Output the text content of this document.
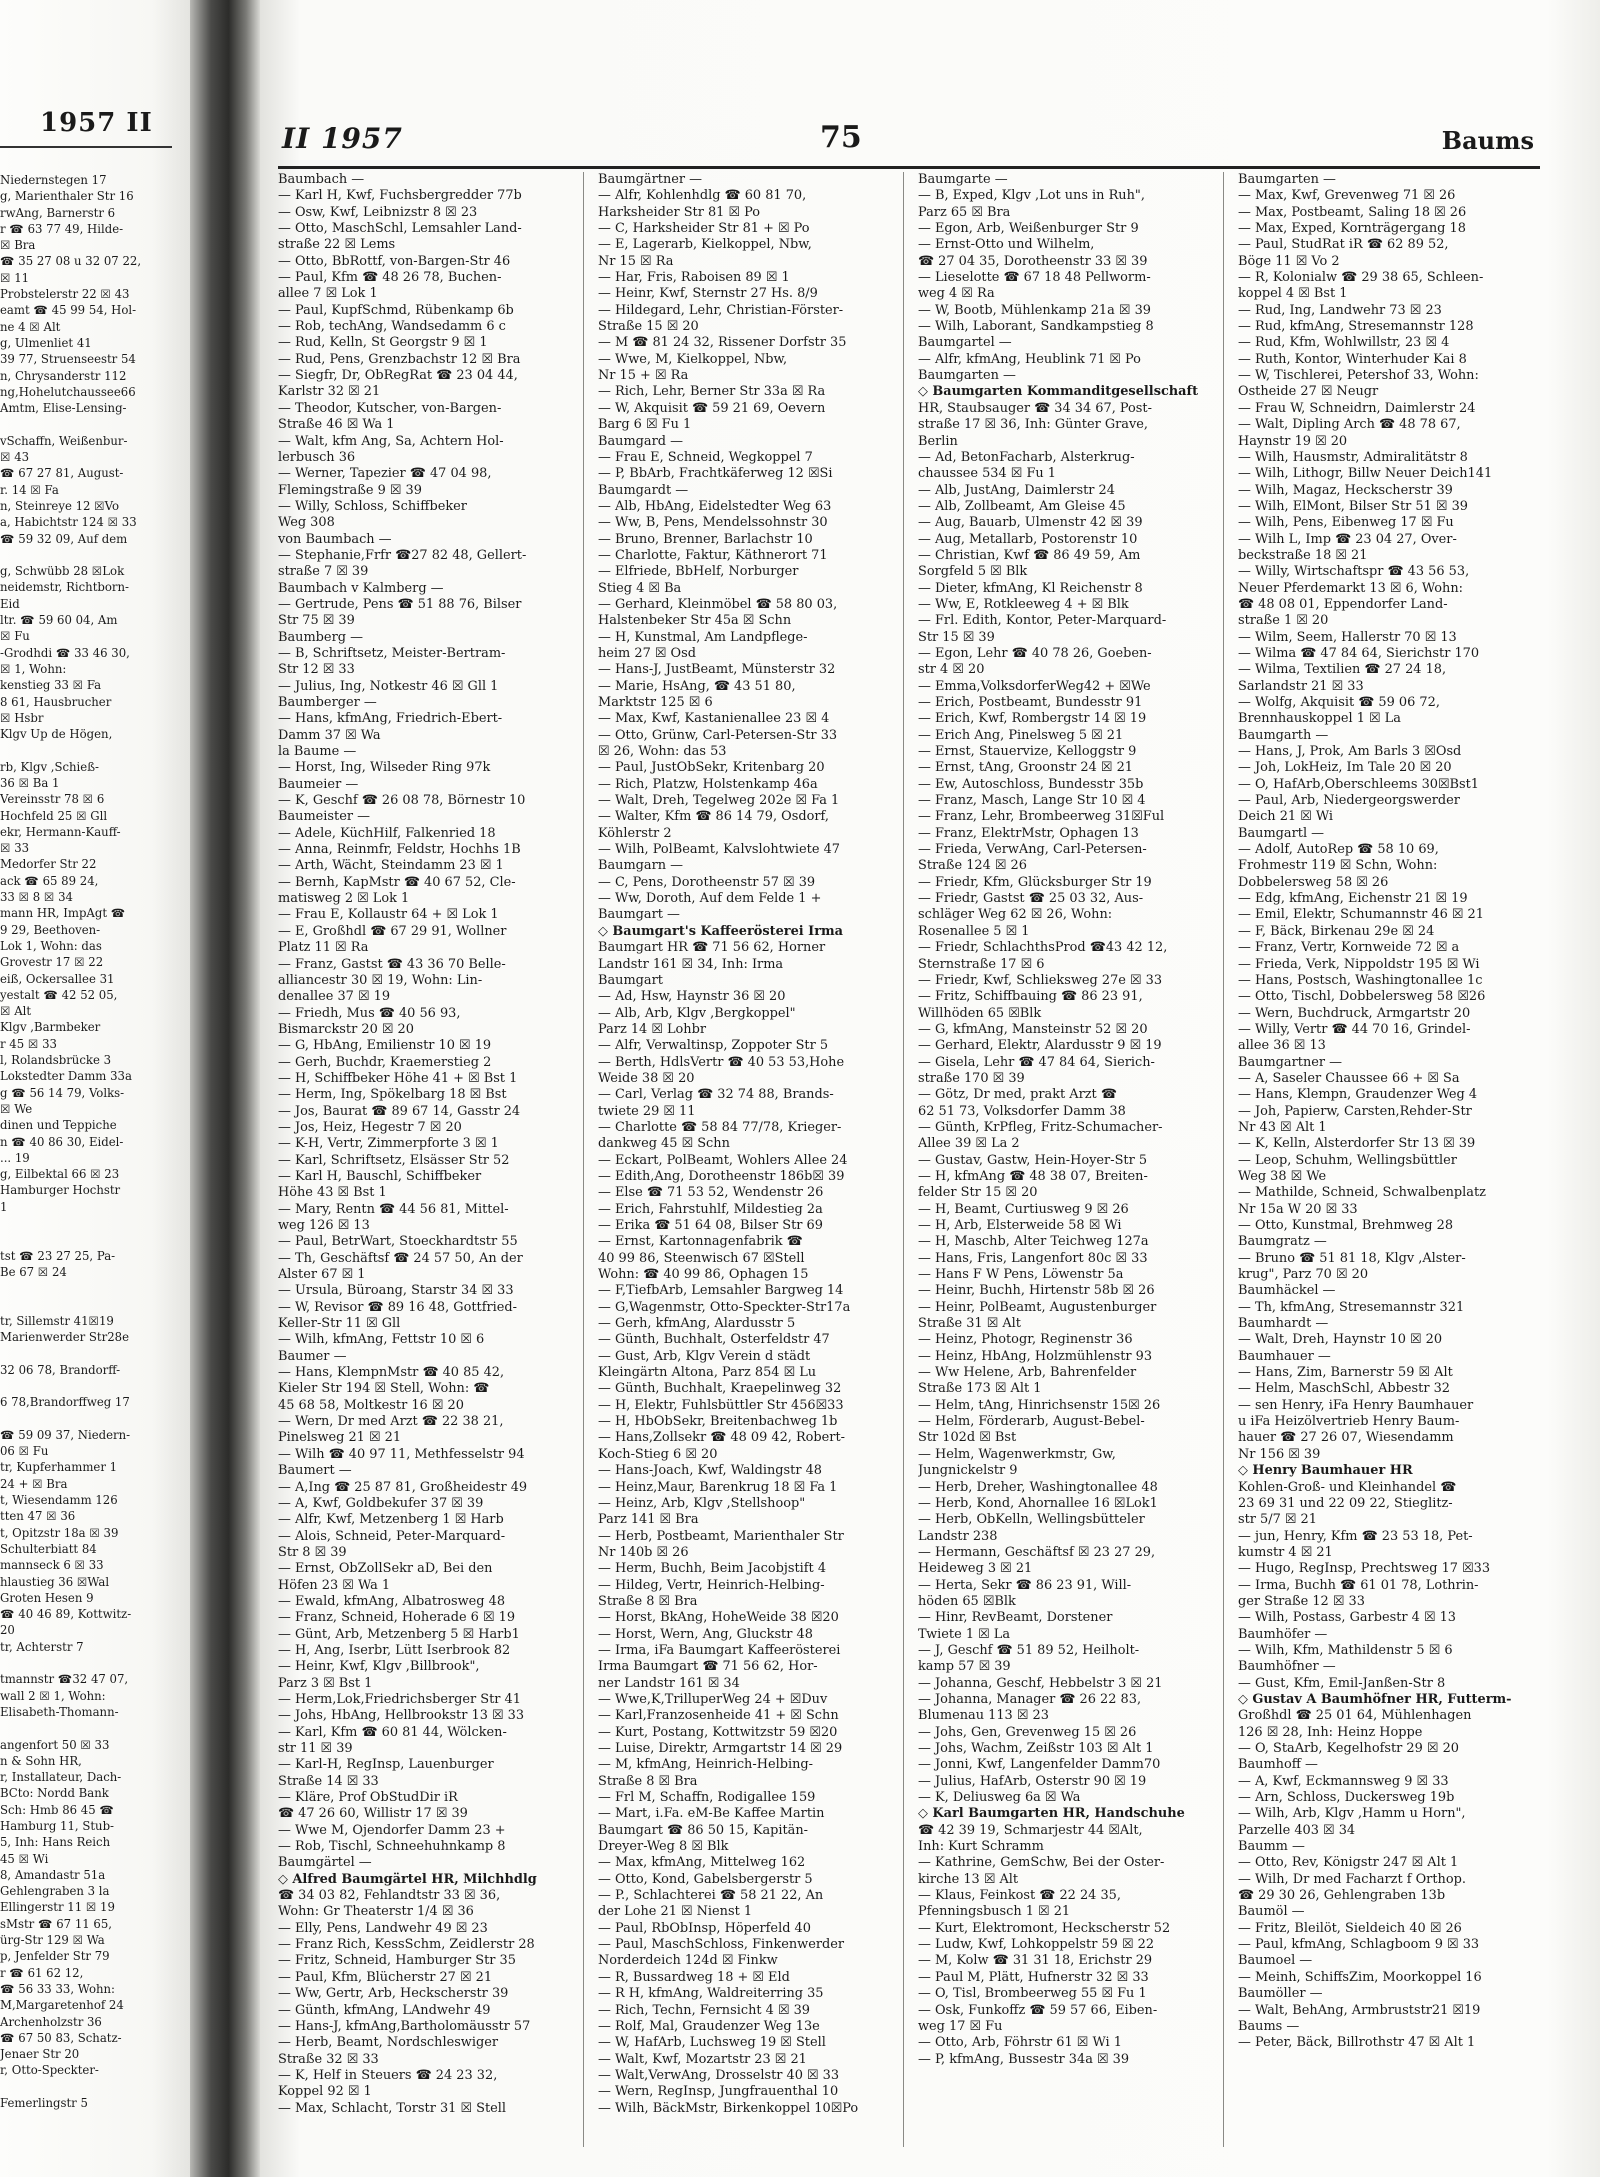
1957 II
Niedernstegen 17
g, Marienthaler Str 16
rwAng, Barnerstr 6
r ☎ 63 77 49, Hilde-
☒ Bra
☎ 35 27 08 u 32 07 22,
☒ 11
Probstelerstr 22 ☒ 43
eamt ☎ 45 99 54, Hol-
ne 4 ☒ Alt
g, Ulmenliet 41
39 77, Struenseestr 54
n, Chrysanderstr 112
ng,Hohelutchaussee66
Amtm, Elise-Lensing-
vSchaffn, Weißenbur-
☒ 43
☎ 67 27 81, August-
r. 14 ☒ Fa
n, Steinreye 12 ☒Vo
a, Habichtstr 124 ☒ 33
☎ 59 32 09, Auf dem
g, Schwübb 28 ☒Lok
neidemstr, Richtborn-
Eid
ltr. ☎ 59 60 04, Am
☒ Fu
-Grodhdi ☎ 33 46 30,
☒ 1, Wohn:
kenstieg 33 ☒ Fa
8 61, Hausbrucher
☒ Hsbr
Klgv Up de Högen,
rb, Klgv ,Schieß-
36 ☒ Ba 1
Vereinsstr 78 ☒ 6
Hochfeld 25 ☒ Gll
ekr, Hermann-Kauff-
☒ 33
Medorfer Str 22
ack ☎ 65 89 24,
33 ☒ 8 ☒ 34
mann HR, ImpAgt ☎
9 29, Beethoven-
Lok 1, Wohn: das
Grovestr 17 ☒ 22
eiß, Ockersallee 31
yestalt ☎ 42 52 05,
☒ Alt
Klgv ,Barmbeker
r 45 ☒ 33
l, Rolandsbrücke 3
Lokstedter Damm 33a
g ☎ 56 14 79, Volks-
☒ We
dinen und Teppiche
n ☎ 40 86 30, Eidel-
... 19
g, Eilbektal 66 ☒ 23
Hamburger Hochstr
1
tst ☎ 23 27 25, Pa-
Be 67 ☒ 24
tr, Sillemstr 41☒19
Marienwerder Str28e
32 06 78, Brandorff-
6 78,Brandorffweg 17
☎ 59 09 37, Niedern-
06 ☒ Fu
tr, Kupferhammer 1
24 + ☒ Bra
t, Wiesendamm 126
tten 47 ☒ 36
t, Opitzstr 18a ☒ 39
Schulterbiatt 84
mannseck 6 ☒ 33
hlaustieg 36 ☒Wal
Groten Hesen 9
☎ 40 46 89, Kottwitz-
20
tr, Achterstr 7
tmannstr ☎32 47 07,
wall 2 ☒ 1, Wohn:
Elisabeth-Thomann-
angenfort 50 ☒ 33
n & Sohn HR,
r, Installateur, Dach-
BCto: Nordd Bank
Sch: Hmb 86 45 ☎
Hamburg 11, Stub-
5, Inh: Hans Reich
45 ☒ Wi
8, Amandastr 51a
Gehlengraben 3 la
Ellingerstr 11 ☒ 19
sMstr ☎ 67 11 65,
ürg-Str 129 ☒ Wa
p, Jenfelder Str 79
r ☎ 61 62 12,
☎ 56 33 33, Wohn:
M,Margaretenhof 24
Archenholzstr 36
☎ 67 50 83, Schatz-
Jenaer Str 20
r, Otto-Speckter-
Femerlingstr 5
II 1957	75	Baums
Baumbach —
— Karl H, Kwf, Fuchsbergredder 77b
— Osw, Kwf, Leibnizstr 8 ☒ 23
— Otto, MaschSchl, Lemsahler Land-
straße 22 ☒ Lems
— Otto, BbRottf, von-Bargen-Str 46
— Paul, Kfm ☎ 48 26 78, Buchen-
allee 7 ☒ Lok 1
— Paul, KupfSchmd, Rübenkamp 6b
— Rob, techAng, Wandsedamm 6 c
— Rud, Kelln, St Georgstr 9 ☒ 1
— Rud, Pens, Grenzbachstr 12 ☒ Bra
— Siegfr, Dr, ObRegRat ☎ 23 04 44,
Karlstr 32 ☒ 21
— Theodor, Kutscher, von-Bargen-
Straße 46 ☒ Wa 1
— Walt, kfm Ang, Sa, Achtern Hol-
lerbusch 36
— Werner, Tapezier ☎ 47 04 98,
Flemingstraße 9 ☒ 39
— Willy, Schloss, Schiffbeker
Weg 308
von Baumbach —
— Stephanie,Frfr ☎27 82 48, Gellert-
straße 7 ☒ 39
Baumbach v Kalmberg —
— Gertrude, Pens ☎ 51 88 76, Bilser
Str 75 ☒ 39
Baumberg —
— B, Schriftsetz, Meister-Bertram-
Str 12 ☒ 33
— Julius, Ing, Notkestr 46 ☒ Gll 1
Baumberger —
— Hans, kfmAng, Friedrich-Ebert-
Damm 37 ☒ Wa
la Baume —
— Horst, Ing, Wilseder Ring 97k
Baumeier —
— K, Geschf ☎ 26 08 78, Börnestr 10
Baumeister —
— Adele, KüchHilf, Falkenried 18
— Anna, Reinmfr, Feldstr, Hochhs 1B
— Arth, Wächt, Steindamm 23 ☒ 1
— Bernh, KapMstr ☎ 40 67 52, Cle-
matisweg 2 ☒ Lok 1
— Frau E, Kollaustr 64 + ☒ Lok 1
— E, Großhdl ☎ 67 29 91, Wollner
Platz 11 ☒ Ra
— Franz, Gastst ☎ 43 36 70 Belle-
alliancestr 30 ☒ 19, Wohn: Lin-
denallee 37 ☒ 19
— Friedh, Mus ☎ 40 56 93,
Bismarckstr 20 ☒ 20
— G, HbAng, Emilienstr 10 ☒ 19
— Gerh, Buchdr, Kraemerstieg 2
— H, Schiffbeker Höhe 41 + ☒ Bst 1
— Herm, Ing, Spökelbarg 18 ☒ Bst
— Jos, Baurat ☎ 89 67 14, Gasstr 24
— Jos, Heiz, Hegestr 7 ☒ 20
— K-H, Vertr, Zimmerpforte 3 ☒ 1
— Karl, Schriftsetz, Elsässer Str 52
— Karl H, Bauschl, Schiffbeker
Höhe 43 ☒ Bst 1
— Mary, Rentn ☎ 44 56 81, Mittel-
weg 126 ☒ 13
— Paul, BetrWart, Stoeckhardtstr 55
— Th, Geschäftsf ☎ 24 57 50, An der
Alster 67 ☒ 1
— Ursula, Büroang, Starstr 34 ☒ 33
— W, Revisor ☎ 89 16 48, Gottfried-
Keller-Str 11 ☒ Gll
— Wilh, kfmAng, Fettstr 10 ☒ 6
Baumer —
— Hans, KlempnMstr ☎ 40 85 42,
Kieler Str 194 ☒ Stell, Wohn: ☎
45 68 58, Moltkestr 16 ☒ 20
— Wern, Dr med Arzt ☎ 22 38 21,
Pinelsweg 21 ☒ 21
— Wilh ☎ 40 97 11, Methfesselstr 94
Baumert —
— A,Ing ☎ 25 87 81, Großheidestr 49
— A, Kwf, Goldbekufer 37 ☒ 39
— Alfr, Kwf, Metzenberg 1 ☒ Harb
— Alois, Schneid, Peter-Marquard-
Str 8 ☒ 39
— Ernst, ObZollSekr aD, Bei den
Höfen 23 ☒ Wa 1
— Ewald, kfmAng, Albatrosweg 48
— Franz, Schneid, Hoherade 6 ☒ 19
— Günt, Arb, Metzenberg 5 ☒ Harb1
— H, Ang, Iserbr, Lütt Iserbrook 82
— Heinr, Kwf, Klgv ,Billbrook",
Parz 3 ☒ Bst 1
— Herm,Lok,Friedrichsberger Str 41
— Johs, HbAng, Hellbrookstr 13 ☒ 33
— Karl, Kfm ☎ 60 81 44, Wölcken-
str 11 ☒ 39
— Karl-H, RegInsp, Lauenburger
Straße 14 ☒ 33
— Kläre, Prof ObStudDir iR
☎ 47 26 60, Willistr 17 ☒ 39
— Wwe M, Ojendorfer Damm 23 +
— Rob, Tischl, Schneehuhnkamp 8
Baumgärtel —
◇ Alfred Baumgärtel HR, Milchhdlg
☎ 34 03 82, Fehlandtstr 33 ☒ 36,
Wohn: Gr Theaterstr 1/4 ☒ 36
— Elly, Pens, Landwehr 49 ☒ 23
— Franz Rich, KessSchm, Zeidlerstr 28
— Fritz, Schneid, Hamburger Str 35
— Paul, Kfm, Blücherstr 27 ☒ 21
— Ww, Gertr, Arb, Heckscherstr 39
— Günth, kfmAng, LAndwehr 49
— Hans-J, kfmAng,Bartholomäusstr 57
— Herb, Beamt, Nordschleswiger
Straße 32 ☒ 33
— K, Helf in Steuers ☎ 24 23 32,
Koppel 92 ☒ 1
— Max, Schlacht, Torstr 31 ☒ Stell
Baumgärtner —
— Alfr, Kohlenhdlg ☎ 60 81 70,
Harksheider Str 81 ☒ Po
— C, Harksheider Str 81 + ☒ Po
— E, Lagerarb, Kielkoppel, Nbw,
Nr 15 ☒ Ra
— Har, Fris, Raboisen 89 ☒ 1
— Heinr, Kwf, Sternstr 27 Hs. 8/9
— Hildegard, Lehr, Christian-Förster-
Straße 15 ☒ 20
— M ☎ 81 24 32, Rissener Dorfstr 35
— Wwe, M, Kielkoppel, Nbw,
Nr 15 + ☒ Ra
— Rich, Lehr, Berner Str 33a ☒ Ra
— W, Akquisit ☎ 59 21 69, Oevern
Barg 6 ☒ Fu 1
Baumgard —
— Frau E, Schneid, Wegkoppel 7
— P, BbArb, Frachtkäferweg 12 ☒Si
Baumgardt —
— Alb, HbAng, Eidelstedter Weg 63
— Ww, B, Pens, Mendelssohnstr 30
— Bruno, Brenner, Barlachstr 10
— Charlotte, Faktur, Käthnerort 71
— Elfriede, BbHelf, Norburger
Stieg 4 ☒ Ba
— Gerhard, Kleinmöbel ☎ 58 80 03,
Halstenbeker Str 45a ☒ Schn
— H, Kunstmal, Am Landpflege-
heim 27 ☒ Osd
— Hans-J, JustBeamt, Münsterstr 32
— Marie, HsAng, ☎ 43 51 80,
Marktstr 125 ☒ 6
— Max, Kwf, Kastanienallee 23 ☒ 4
— Otto, Grünw, Carl-Petersen-Str 33
☒ 26, Wohn: das 53
— Paul, JustObSekr, Kritenbarg 20
— Rich, Platzw, Holstenkamp 46a
— Walt, Dreh, Tegelweg 202e ☒ Fa 1
— Walter, Kfm ☎ 86 14 79, Osdorf,
Köhlerstr 2
— Wilh, PolBeamt, Kalvslohtwiete 47
Baumgarn —
— C, Pens, Dorotheenstr 57 ☒ 39
— Ww, Doroth, Auf dem Felde 1 +
Baumgart —
◇ Baumgart's Kaffeerösterei Irma
Baumgart HR ☎ 71 56 62, Horner
Landstr 161 ☒ 34, Inh: Irma
Baumgart
— Ad, Hsw, Haynstr 36 ☒ 20
— Alb, Arb, Klgv ,Bergkoppel"
Parz 14 ☒ Lohbr
— Alfr, Verwaltinsp, Zoppoter Str 5
— Berth, HdlsVertr ☎ 40 53 53,Hohe
Weide 38 ☒ 20
— Carl, Verlag ☎ 32 74 88, Brands-
twiete 29 ☒ 11
— Charlotte ☎ 58 84 77/78, Krieger-
dankweg 45 ☒ Schn
— Eckart, PolBeamt, Wohlers Allee 24
— Edith,Ang, Dorotheenstr 186b☒ 39
— Else ☎ 71 53 52, Wendenstr 26
— Erich, Fahrstuhlf, Mildestieg 2a
— Erika ☎ 51 64 08, Bilser Str 69
— Ernst, Kartonnagenfabrik ☎
40 99 86, Steenwisch 67 ☒Stell
Wohn: ☎ 40 99 86, Ophagen 15
— F,TiefbArb, Lemsahler Bargweg 14
— G,Wagenmstr, Otto-Speckter-Str17a
— Gerh, kfmAng, Alardusstr 5
— Günth, Buchhalt, Osterfeldstr 47
— Gust, Arb, Klgv Verein d städt
Kleingärtn Altona, Parz 854 ☒ Lu
— Günth, Buchhalt, Kraepelinweg 32
— H, Elektr, Fuhlsbüttler Str 456☒33
— H, HbObSekr, Breitenbachweg 1b
— Hans,Zollsekr ☎ 48 09 42, Robert-
Koch-Stieg 6 ☒ 20
— Hans-Joach, Kwf, Waldingstr 48
— Heinz,Maur, Barenkrug 18 ☒ Fa 1
— Heinz, Arb, Klgv ,Stellshoop"
Parz 141 ☒ Bra
— Herb, Postbeamt, Marienthaler Str
Nr 140b ☒ 26
— Herm, Buchh, Beim Jacobjstift 4
— Hildeg, Vertr, Heinrich-Helbing-
Straße 8 ☒ Bra
— Horst, BkAng, HoheWeide 38 ☒20
— Horst, Wern, Ang, Gluckstr 48
— Irma, iFa Baumgart Kaffeerösterei
Irma Baumgart ☎ 71 56 62, Hor-
ner Landstr 161 ☒ 34
— Wwe,K,TrilluperWeg 24 + ☒Duv
— Karl,Franzosenheide 41 + ☒ Schn
— Kurt, Postang, Kottwitzstr 59 ☒20
— Luise, Direktr, Armgartstr 14 ☒ 29
— M, kfmAng, Heinrich-Helbing-
Straße 8 ☒ Bra
— Frl M, Schaffn, Rodigallee 159
— Mart, i.Fa. eM-Be Kaffee Martin
Baumgart ☎ 86 50 15, Kapitän-
Dreyer-Weg 8 ☒ Blk
— Max, kfmAng, Mittelweg 162
— Otto, Kond, Gabelsbergerstr 5
— P., Schlachterei ☎ 58 21 22, An
der Lohe 21 ☒ Nienst 1
— Paul, RbObInsp, Höperfeld 40
— Paul, MaschSchloss, Finkenwerder
Norderdeich 124d ☒ Finkw
— R, Bussardweg 18 + ☒ Eld
— R H, kfmAng, Waldreiterring 35
— Rich, Techn, Fernsicht 4 ☒ 39
— Rolf, Mal, Graudenzer Weg 13e
— W, HafArb, Luchsweg 19 ☒ Stell
— Walt, Kwf, Mozartstr 23 ☒ 21
— Walt,VerwAng, Drosselstr 40 ☒ 33
— Wern, RegInsp, Jungfrauenthal 10
— Wilh, BäckMstr, Birkenkoppel 10☒Po
Baumgarte —
— B, Exped, Klgv ,Lot uns in Ruh",
Parz 65 ☒ Bra
— Egon, Arb, Weißenburger Str 9
— Ernst-Otto und Wilhelm,
☎ 27 04 35, Dorotheenstr 33 ☒ 39
— Lieselotte ☎ 67 18 48 Pellworm-
weg 4 ☒ Ra
— W, Bootb, Mühlenkamp 21a ☒ 39
— Wilh, Laborant, Sandkampstieg 8
Baumgartel —
— Alfr, kfmAng, Heublink 71 ☒ Po
Baumgarten —
◇ Baumgarten Kommanditgesellschaft
HR, Staubsauger ☎ 34 34 67, Post-
straße 17 ☒ 36, Inh: Günter Grave,
Berlin
— Ad, BetonFacharb, Alsterkrug-
chaussee 534 ☒ Fu 1
— Alb, JustAng, Daimlerstr 24
— Alb, Zollbeamt, Am Gleise 45
— Aug, Bauarb, Ulmenstr 42 ☒ 39
— Aug, Metallarb, Postorenstr 10
— Christian, Kwf ☎ 86 49 59, Am
Sorgfeld 5 ☒ Blk
— Dieter, kfmAng, Kl Reichenstr 8
— Ww, E, Rotkleeweg 4 + ☒ Blk
— Frl. Edith, Kontor, Peter-Marquard-
Str 15 ☒ 39
— Egon, Lehr ☎ 40 78 26, Goeben-
str 4 ☒ 20
— Emma,VolksdorferWeg42 + ☒We
— Erich, Postbeamt, Bundesstr 91
— Erich, Kwf, Rombergstr 14 ☒ 19
— Erich Ang, Pinelsweg 5 ☒ 21
— Ernst, Stauervize, Kelloggstr 9
— Ernst, tAng, Groonstr 24 ☒ 21
— Ew, Autoschloss, Bundesstr 35b
— Franz, Masch, Lange Str 10 ☒ 4
— Franz, Lehr, Brombeerweg 31☒Ful
— Franz, ElektrMstr, Ophagen 13
— Frieda, VerwAng, Carl-Petersen-
Straße 124 ☒ 26
— Friedr, Kfm, Glücksburger Str 19
— Friedr, Gastst ☎ 25 03 32, Aus-
schläger Weg 62 ☒ 26, Wohn:
Rosenallee 5 ☒ 1
— Friedr, SchlachthsProd ☎43 42 12,
Sternstraße 17 ☒ 6
— Friedr, Kwf, Schlieksweg 27e ☒ 33
— Fritz, Schiffbauing ☎ 86 23 91,
Willhöden 65 ☒Blk
— G, kfmAng, Mansteinstr 52 ☒ 20
— Gerhard, Elektr, Alardusstr 9 ☒ 19
— Gisela, Lehr ☎ 47 84 64, Sierich-
straße 170 ☒ 39
— Götz, Dr med, prakt Arzt ☎
62 51 73, Volksdorfer Damm 38
— Günth, KrPfleg, Fritz-Schumacher-
Allee 39 ☒ La 2
— Gustav, Gastw, Hein-Hoyer-Str 5
— H, kfmAng ☎ 48 38 07, Breiten-
felder Str 15 ☒ 20
— H, Beamt, Curtiusweg 9 ☒ 26
— H, Arb, Elsterweide 58 ☒ Wi
— H, Maschb, Alter Teichweg 127a
— Hans, Fris, Langenfort 80c ☒ 33
— Hans F W Pens, Löwenstr 5a
— Heinr, Buchh, Hirtenstr 58b ☒ 26
— Heinr, PolBeamt, Augustenburger
Straße 31 ☒ Alt
— Heinz, Photogr, Reginenstr 36
— Heinz, HbAng, Holzmühlenstr 93
— Ww Helene, Arb, Bahrenfelder
Straße 173 ☒ Alt 1
— Helm, tAng, Hinrichsenstr 15☒ 26
— Helm, Förderarb, August-Bebel-
Str 102d ☒ Bst
— Helm, Wagenwerkmstr, Gw,
Jungnickelstr 9
— Herb, Dreher, Washingtonallee 48
— Herb, Kond, Ahornallee 16 ☒Lok1
— Herb, ObKelln, Wellingsbütteler
Landstr 238
— Hermann, Geschäftsf ☒ 23 27 29,
Heideweg 3 ☒ 21
— Herta, Sekr ☎ 86 23 91, Will-
höden 65 ☒Blk
— Hinr, RevBeamt, Dorstener
Twiete 1 ☒ La
— J, Geschf ☎ 51 89 52, Heilholt-
kamp 57 ☒ 39
— Johanna, Geschf, Hebbelstr 3 ☒ 21
— Johanna, Manager ☎ 26 22 83,
Blumenau 113 ☒ 23
— Johs, Gen, Grevenweg 15 ☒ 26
— Johs, Wachm, Zeißstr 103 ☒ Alt 1
— Jonni, Kwf, Langenfelder Damm70
— Julius, HafArb, Osterstr 90 ☒ 19
— K, Deliusweg 6a ☒ Wa
◇ Karl Baumgarten HR, Handschuhe
☎ 42 39 19, Schmarjestr 44 ☒Alt,
Inh: Kurt Schramm
— Kathrine, GemSchw, Bei der Oster-
kirche 13 ☒ Alt
— Klaus, Feinkost ☎ 22 24 35,
Pfenningsbusch 1 ☒ 21
— Kurt, Elektromont, Heckscherstr 52
— Ludw, Kwf, Lohkoppelstr 59 ☒ 22
— M, Kolw ☎ 31 31 18, Erichstr 29
— Paul M, Plätt, Hufnerstr 32 ☒ 33
— O, Tisl, Brombeerweg 55 ☒ Fu 1
— Osk, Funkoffz ☎ 59 57 66, Eiben-
weg 17 ☒ Fu
— Otto, Arb, Föhrstr 61 ☒ Wi 1
— P, kfmAng, Bussestr 34a ☒ 39
Baumgarten —
— Max, Kwf, Grevenweg 71 ☒ 26
— Max, Postbeamt, Saling 18 ☒ 26
— Max, Exped, Kornträgergang 18
— Paul, StudRat iR ☎ 62 89 52,
Böge 11 ☒ Vo 2
— R, Kolonialw ☎ 29 38 65, Schleen-
koppel 4 ☒ Bst 1
— Rud, Ing, Landwehr 73 ☒ 23
— Rud, kfmAng, Stresemannstr 128
— Rud, Kfm, Wohlwillstr, 23 ☒ 4
— Ruth, Kontor, Winterhuder Kai 8
— W, Tischlerei, Petershof 33, Wohn:
Ostheide 27 ☒ Neugr
— Frau W, Schneidrn, Daimlerstr 24
— Walt, Dipling Arch ☎ 48 78 67,
Haynstr 19 ☒ 20
— Wilh, Hausmstr, Admiralitätstr 8
— Wilh, Lithogr, Billw Neuer Deich141
— Wilh, Magaz, Heckscherstr 39
— Wilh, ElMont, Bilser Str 51 ☒ 39
— Wilh, Pens, Eibenweg 17 ☒ Fu
— Wilh L, Imp ☎ 23 04 27, Over-
beckstraße 18 ☒ 21
— Willy, Wirtschaftspr ☎ 43 56 53,
Neuer Pferdemarkt 13 ☒ 6, Wohn:
☎ 48 08 01, Eppendorfer Land-
straße 1 ☒ 20
— Wilm, Seem, Hallerstr 70 ☒ 13
— Wilma ☎ 47 84 64, Sierichstr 170
— Wilma, Textilien ☎ 27 24 18,
Sarlandstr 21 ☒ 33
— Wolfg, Akquisit ☎ 59 06 72,
Brennhauskoppel 1 ☒ La
Baumgarth —
— Hans, J, Prok, Am Barls 3 ☒Osd
— Joh, LokHeiz, Im Tale 20 ☒ 20
— O, HafArb,Oberschleems 30☒Bst1
— Paul, Arb, Niedergeorgswerder
Deich 21 ☒ Wi
Baumgartl —
— Adolf, AutoRep ☎ 58 10 69,
Frohmestr 119 ☒ Schn, Wohn:
Dobbelersweg 58 ☒ 26
— Edg, kfmAng, Eichenstr 21 ☒ 19
— Emil, Elektr, Schumannstr 46 ☒ 21
— F, Bäck, Birkenau 29e ☒ 24
— Franz, Vertr, Kornweide 72 ☒ a
— Frieda, Verk, Nippoldstr 195 ☒ Wi
— Hans, Postsch, Washingtonallee 1c
— Otto, Tischl, Dobbelersweg 58 ☒26
— Wern, Buchdruck, Armgartstr 20
— Willy, Vertr ☎ 44 70 16, Grindel-
allee 36 ☒ 13
Baumgartner —
— A, Saseler Chaussee 66 + ☒ Sa
— Hans, Klempn, Graudenzer Weg 4
— Joh, Papierw, Carsten,Rehder-Str
Nr 43 ☒ Alt 1
— K, Kelln, Alsterdorfer Str 13 ☒ 39
— Leop, Schuhm, Wellingsbüttler
Weg 38 ☒ We
— Mathilde, Schneid, Schwalbenplatz
Nr 15a W 20 ☒ 33
— Otto, Kunstmal, Brehmweg 28
Baumgratz —
— Bruno ☎ 51 81 18, Klgv ,Alster-
krug", Parz 70 ☒ 20
Baumhäckel —
— Th, kfmAng, Stresemannstr 321
Baumhardt —
— Walt, Dreh, Haynstr 10 ☒ 20
Baumhauer —
— Hans, Zim, Barnerstr 59 ☒ Alt
— Helm, MaschSchl, Abbestr 32
— sen Henry, iFa Henry Baumhauer
u iFa Heizölvertrieb Henry Baum-
hauer ☎ 27 26 07, Wiesendamm
Nr 156 ☒ 39
◇ Henry Baumhauer HR
Kohlen-Groß- und Kleinhandel ☎
23 69 31 und 22 09 22, Stieglitz-
str 5/7 ☒ 21
— jun, Henry, Kfm ☎ 23 53 18, Pet-
kumstr 4 ☒ 21
— Hugo, RegInsp, Prechtsweg 17 ☒33
— Irma, Buchh ☎ 61 01 78, Lothrin-
ger Straße 12 ☒ 33
— Wilh, Postass, Garbestr 4 ☒ 13
Baumhöfer —
— Wilh, Kfm, Mathildenstr 5 ☒ 6
Baumhöfner —
— Gust, Kfm, Emil-Janßen-Str 8
◇ Gustav A Baumhöfner HR, Futterm-
Großhdl ☎ 25 01 64, Mühlenhagen
126 ☒ 28, Inh: Heinz Hoppe
— O, StaArb, Kegelhofstr 29 ☒ 20
Baumhoff —
— A, Kwf, Eckmannsweg 9 ☒ 33
— Arn, Schloss, Duckersweg 19b
— Wilh, Arb, Klgv ,Hamm u Horn",
Parzelle 403 ☒ 34
Baumm —
— Otto, Rev, Königstr 247 ☒ Alt 1
— Wilh, Dr med Facharzt f Orthop.
☎ 29 30 26, Gehlengraben 13b
Baumöl —
— Fritz, Bleilöt, Sieldeich 40 ☒ 26
— Paul, kfmAng, Schlagboom 9 ☒ 33
Baumoel —
— Meinh, SchiffsZim, Moorkoppel 16
Baumöller —
— Walt, BehAng, Armbruststr21 ☒19
Baums —
— Peter, Bäck, Billrothstr 47 ☒ Alt 1
